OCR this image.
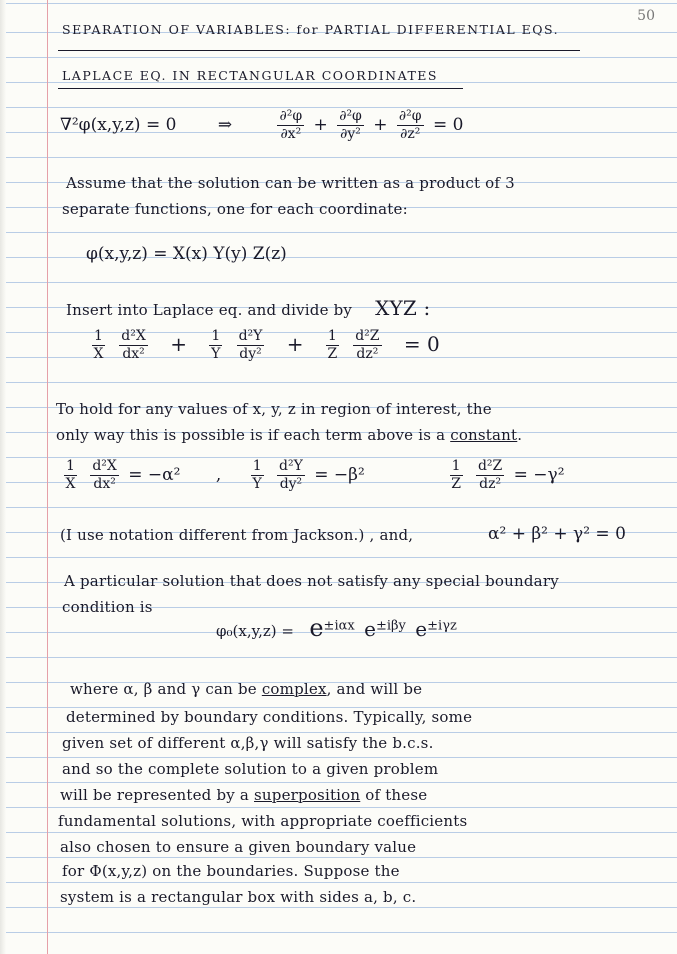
50
SEPARATION OF VARIABLES: for PARTIAL DIFFERENTIAL EQS.
LAPLACE EQ. IN RECTANGULAR COORDINATES
∇²φ(x,y,z) = 0 ⇒	$\frac{\text{∂²φ}}{\text{∂x²}} + \frac{\text{∂²φ}}{\text{∂y²}} + \frac{\text{∂²φ}}{\text{∂z²}} = 0$
Assume that the solution can be written as a product of 3
separate functions, one for each coordinate:
φ(x,y,z) = X(x) Y(y) Z(z)
Insert into Laplace eq. and divide by XYZ :
$\frac{1}{X}$
$\frac{\text{d²X}}{\text{dx²}} + \frac{1}{Y}$
$\frac{\text{d²Y}}{\text{dy²}} + \frac{1}{Z}$
$\frac{\text{d²Z}}{\text{dz²}} = 0$
To hold for any values of x, y, z in region of interest, the
only way this is possible is if each term above is a constant.
$\frac{1}{X}$
$\frac{\text{d²X}}{\text{dx²}} = -\alpha^2$ , $\frac{1}{Y}$
$\frac{\text{d²Y}}{\text{dy²}} = -\beta^2$	$\frac{1}{Z}$
$\frac{\text{d²Z}}{\text{dz²}} = -\gamma^2$
(I use notation different from Jackson.) , and,	α² + β² + γ² = 0
A particular solution that does not satisfy any special boundary
condition is
$\varphi_0(x,y,z) = e^{\pm i\alpha x}$ $e^{\pm i\beta y}$ $e^{\pm i\gamma z}$
where α, β and γ can be complex, and will be
determined by boundary conditions. Typically, some
given set of different α,β,γ will satisfy the b.c.s.
and so the complete solution to a given problem
will be represented by a superposition of these
fundamental solutions, with appropriate coefficients
also chosen to ensure a given boundary value
for Φ(x,y,z) on the boundaries. Suppose the
system is a rectangular box with sides a, b, c.
